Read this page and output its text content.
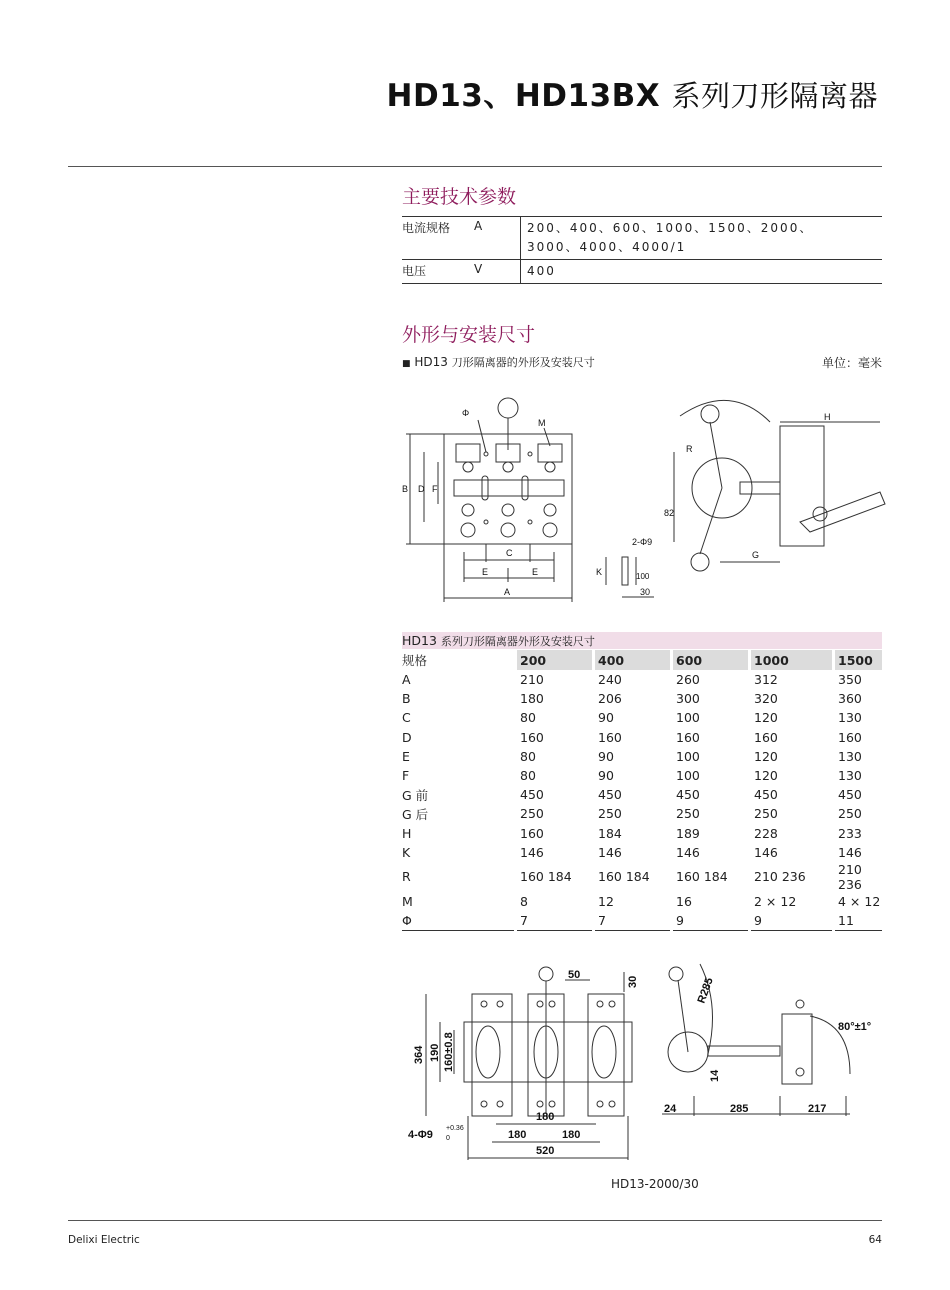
HD13、HD13BX 系列刀形隔离器
主要技术参数
电流规格	A	200、400、600、1000、1500、2000、
3000、4000、4000/1

电压	V	400
外形与安装尺寸
■ HD13 刀形隔离器的外形及安装尺寸	单位：毫米
Φ
M
B D F
C
E	E
A
2-Φ9
K	100
30
R
82
G
H
HD13 系列刀形隔离器外形及安装尺寸
规格	200	400	600	1000	1500
A	210	240	260	312	350
B	180	206	300	320	360
C	80	90	100	120	130
D	160	160	160	160	160
E	80	90	100	120	130
F	80	90	100	120	130
G 前	450	450	450	450	450
G 后	250	250	250	250	250
H	160	184	189	228	233
K	146	146	146	146	146
R	160 184	160 184	160 184	210 236	210 236
M	8	12	16	2 × 12	4 × 12
Φ	7	7	9	9	11
50
364 190 160±0.8
30
180
180	180
520
4-Φ9
+0.36
0
R285
80°±1°
14
24	285	217
HD13-2000/30
Delixi Electric	64
